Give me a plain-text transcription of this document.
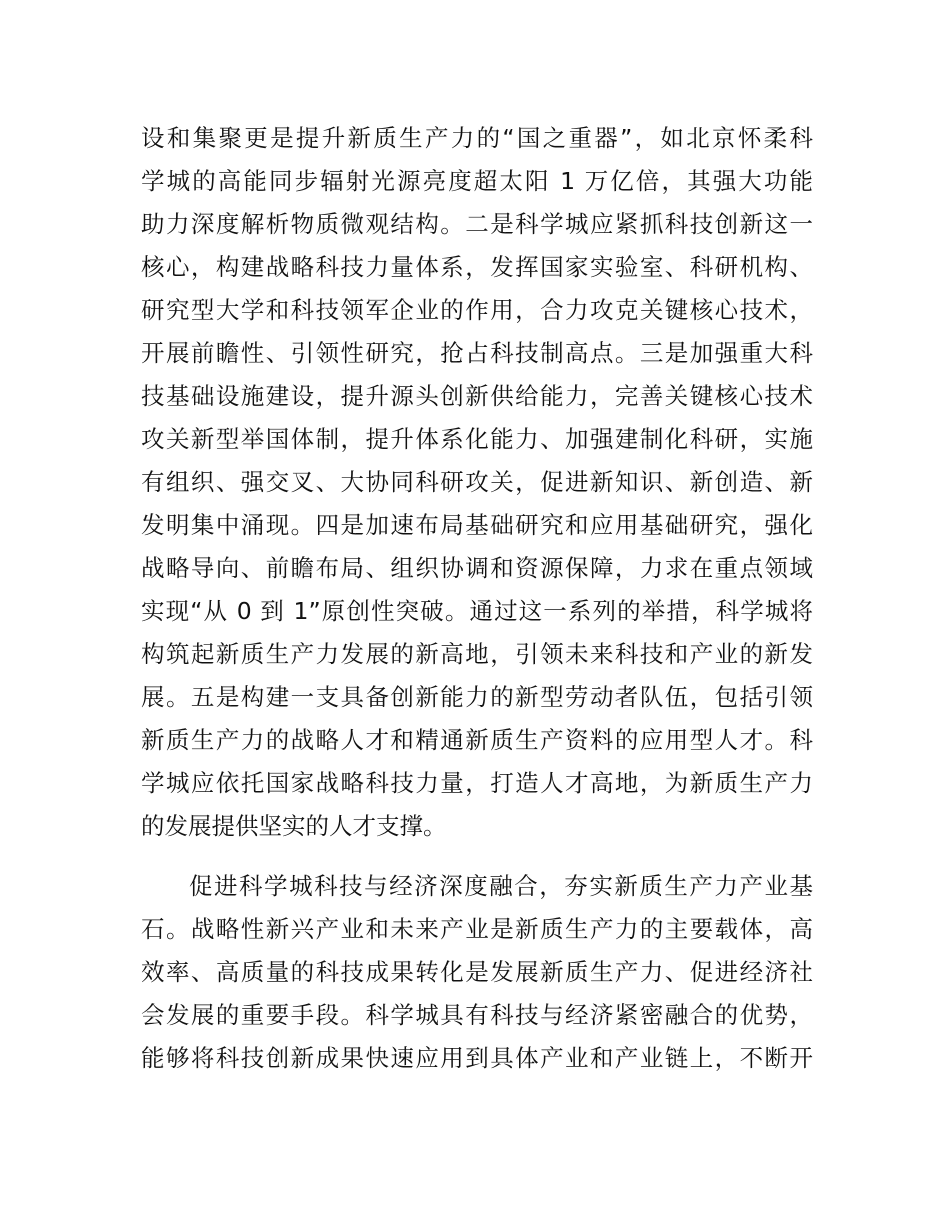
设和集聚更是提升新质生产力的“国之重器”，如北京怀柔科
学城的高能同步辐射光源亮度超太阳 1 万亿倍，其强大功能
助力深度解析物质微观结构。二是科学城应紧抓科技创新这一
核心，构建战略科技力量体系，发挥国家实验室、科研机构、
研究型大学和科技领军企业的作用，合力攻克关键核心技术，
开展前瞻性、引领性研究，抢占科技制高点。三是加强重大科
技基础设施建设，提升源头创新供给能力，完善关键核心技术
攻关新型举国体制，提升体系化能力、加强建制化科研，实施
有组织、强交叉、大协同科研攻关，促进新知识、新创造、新
发明集中涌现。四是加速布局基础研究和应用基础研究，强化
战略导向、前瞻布局、组织协调和资源保障，力求在重点领域
实现“从 0 到 1”原创性突破。通过这一系列的举措，科学城将
构筑起新质生产力发展的新高地，引领未来科技和产业的新发
展。五是构建一支具备创新能力的新型劳动者队伍，包括引领
新质生产力的战略人才和精通新质生产资料的应用型人才。科
学城应依托国家战略科技力量，打造人才高地，为新质生产力
的发展提供坚实的人才支撑。
促进科学城科技与经济深度融合，夯实新质生产力产业基
石。战略性新兴产业和未来产业是新质生产力的主要载体，高
效率、高质量的科技成果转化是发展新质生产力、促进经济社
会发展的重要手段。科学城具有科技与经济紧密融合的优势，
能够将科技创新成果快速应用到具体产业和产业链上，不断开
